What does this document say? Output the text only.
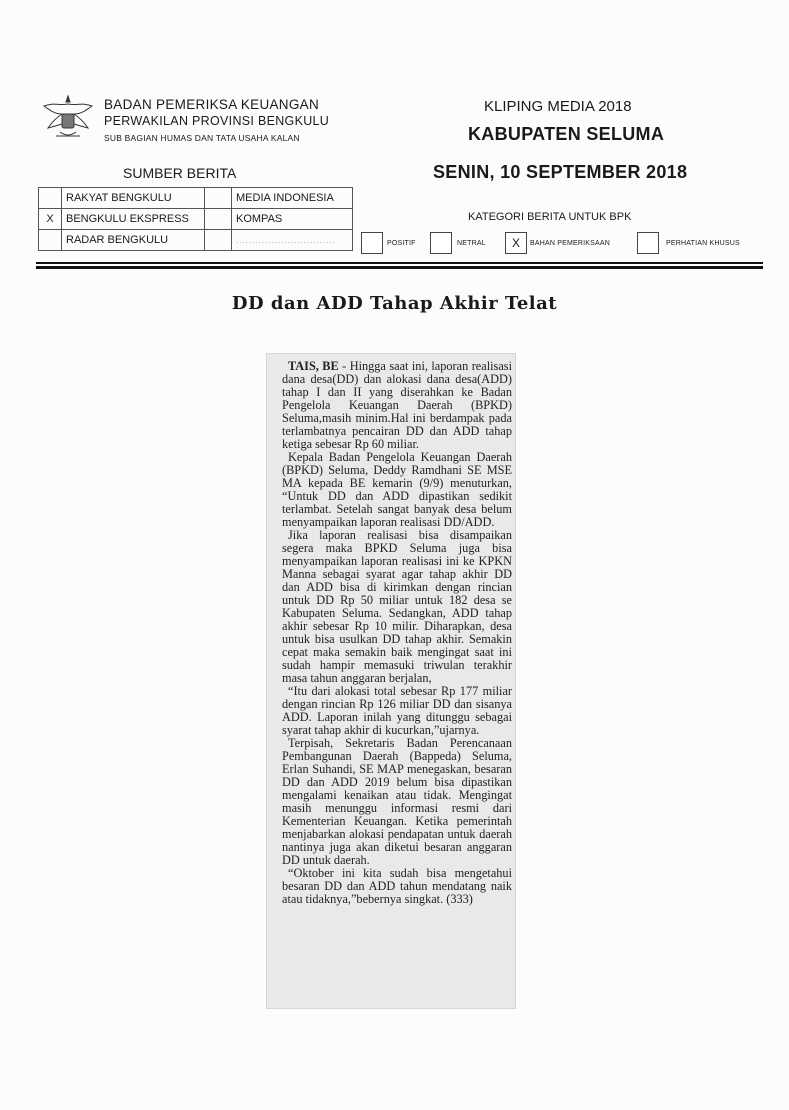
BADAN PEMERIKSA KEUANGAN
PERWAKILAN PROVINSI BENGKULU
SUB BAGIAN HUMAS DAN TATA USAHA KALAN
KLIPING MEDIA 2018
KABUPATEN SELUMA
SUMBER BERITA	SENIN, 10 SEPTEMBER 2018
	RAKYAT BENGKULU		MEDIA INDONESIA
X	BENGKULU EKSPRESS		KOMPAS
	RADAR BENGKULU		...............................
KATEGORI BERITA UNTUK BPK
POSITIF	NETRAL	X	BAHAN PEMERIKSAAN	PERHATIAN KHUSUS
DD dan ADD Tahap Akhir Telat

TAIS, BE - Hingga saat ini, laporan realisasi dana desa(DD) dan alokasi dana desa(ADD) tahap I dan II yang diserahkan ke Badan Pengelola Keuangan Daerah (BPKD) Seluma,masih minim.Hal ini berdampak pada terlambatnya pencairan DD dan ADD tahap ketiga sebesar Rp 60 miliar.

Kepala Badan Pengelola Keuangan Daerah (BPKD) Seluma, Deddy Ramdhani SE MSE MA kepada BE kemarin (9/9) menuturkan, “Untuk DD dan ADD dipastikan sedikit terlambat. Setelah sangat banyak desa belum menyampaikan laporan realisasi DD/ADD.

Jika laporan realisasi bisa disampaikan segera maka BPKD Seluma juga bisa menyampaikan laporan realisasi ini ke KPKN Manna sebagai syarat agar tahap akhir DD dan ADD bisa di kirimkan dengan rincian untuk DD Rp 50 miliar untuk 182 desa se Kabupaten Seluma. Sedangkan, ADD tahap akhir sebesar Rp 10 milir. Diharapkan, desa untuk bisa usulkan DD tahap akhir. Semakin cepat maka semakin baik mengingat saat ini sudah hampir memasuki triwulan terakhir masa tahun anggaran berjalan,

“Itu dari alokasi total sebesar Rp 177 miliar dengan rincian Rp 126 miliar DD dan sisanya ADD. Laporan inilah yang ditunggu sebagai syarat tahap akhir di kucurkan,”ujarnya.

Terpisah, Sekretaris Badan Perencanaan Pembangunan Daerah (Bappeda) Seluma, Erlan Suhandi, SE MAP menegaskan, besaran DD dan ADD 2019 belum bisa dipastikan mengalami kenaikan atau tidak. Mengingat masih menunggu informasi resmi dari Kementerian Keuangan. Ketika pemerintah menjabarkan alokasi pendapatan untuk daerah nantinya juga akan diketui besaran anggaran DD untuk daerah.

“Oktober ini kita sudah bisa mengetahui besaran DD dan ADD tahun mendatang naik atau tidaknya,”bebernya singkat. (333)
